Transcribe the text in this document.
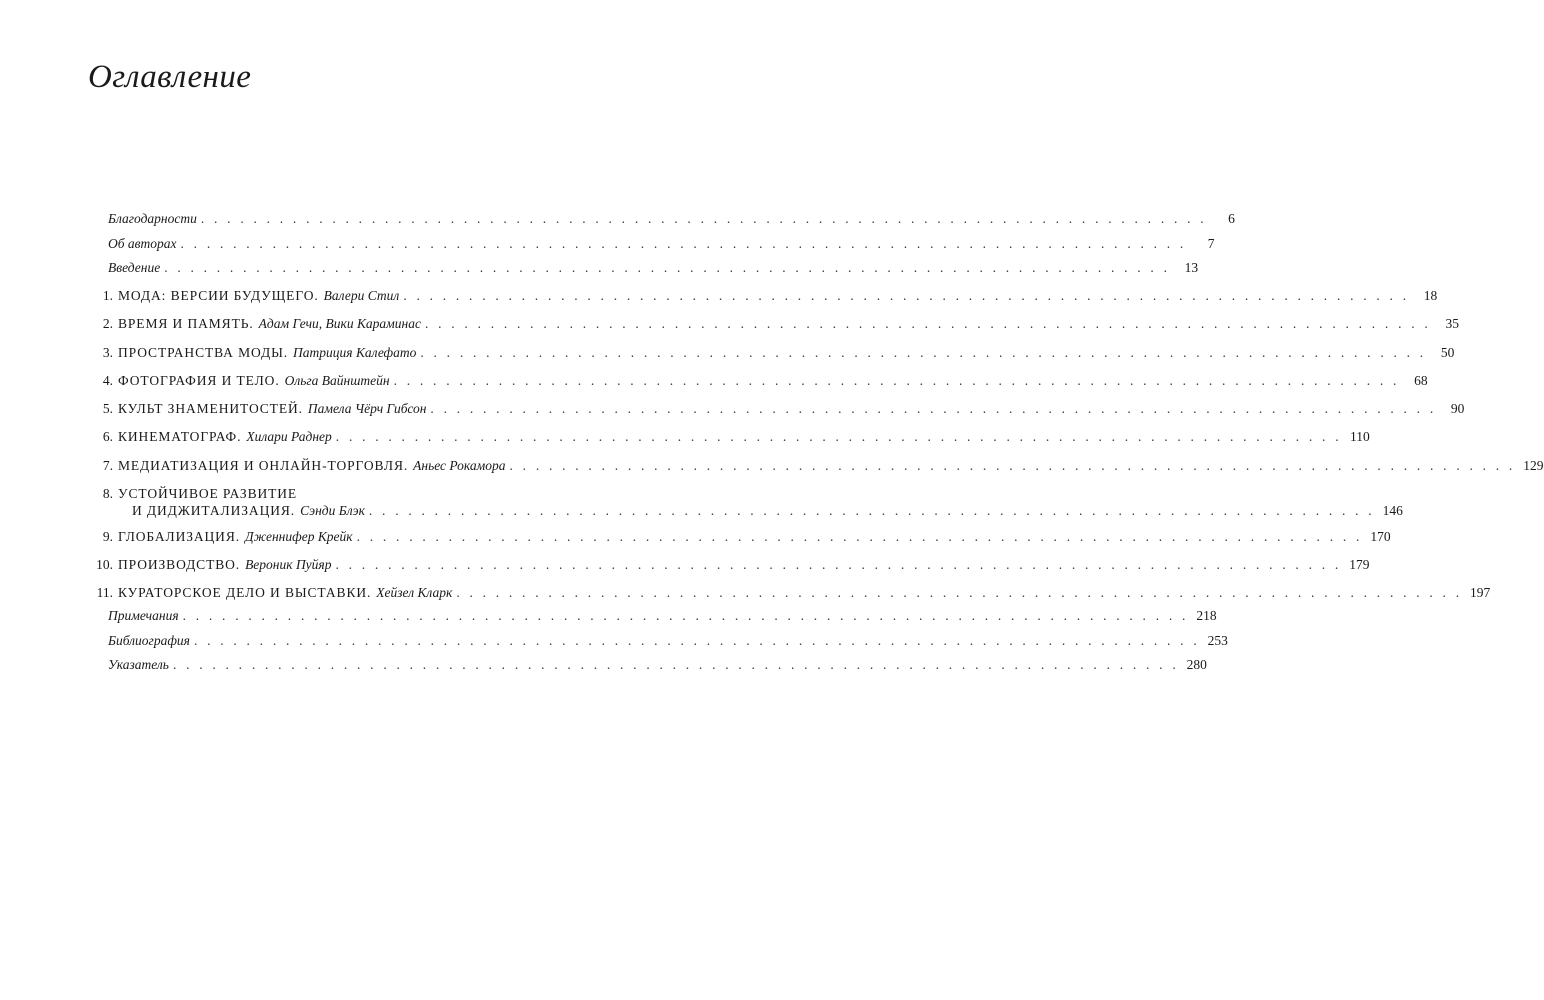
Оглавление
Благодарности . . . . . . . . . . . . . . . . . . . . . . . . . . . . . . . . . . . . . . . . . . . . . . . . . . . . . . . . . . . . . . . . . . . . . . . . . . . . .	6
Об авторах . . . . . . . . . . . . . . . . . . . . . . . . . . . . . . . . . . . . . . . . . . . . . . . . . . . . . . . . . . . . . . . . . . . . . . . . . . . . .	7
Введение . . . . . . . . . . . . . . . . . . . . . . . . . . . . . . . . . . . . . . . . . . . . . . . . . . . . . . . . . . . . . . . . . . . . . . . . . . . . .	13
1. МОДА: ВЕРСИИ БУДУЩЕГО. Валери Стил . . . . . . . . . . . . . . . . . . . . . . . . . . . . . . . . . . . . . . . . . . . . . . . . . . . . . . . . . . . . . . . . . . . . . . . . . . . . .	18
2. ВРЕМЯ И ПАМЯТЬ. Адам Гечи, Вики Караминас . . . . . . . . . . . . . . . . . . . . . . . . . . . . . . . . . . . . . . . . . . . . . . . . . . . . . . . . . . . . . . . . . . . . . . . . . . . . .	35
3. ПРОСТРАНСТВА МОДЫ. Патриция Калефато . . . . . . . . . . . . . . . . . . . . . . . . . . . . . . . . . . . . . . . . . . . . . . . . . . . . . . . . . . . . . . . . . . . . . . . . . . . . .	50
4. ФОТОГРАФИЯ И ТЕЛО. Ольга Вайнштейн . . . . . . . . . . . . . . . . . . . . . . . . . . . . . . . . . . . . . . . . . . . . . . . . . . . . . . . . . . . . . . . . . . . . . . . . . . . . .	68
5. КУЛЬТ ЗНАМЕНИТОСТЕЙ. Памела Чёрч Гибсон . . . . . . . . . . . . . . . . . . . . . . . . . . . . . . . . . . . . . . . . . . . . . . . . . . . . . . . . . . . . . . . . . . . . . . . . . . . . .	90
6. КИНЕМАТОГРАФ. Хилари Раднер . . . . . . . . . . . . . . . . . . . . . . . . . . . . . . . . . . . . . . . . . . . . . . . . . . . . . . . . . . . . . . . . . . . . . . . . . . . . . 110
7. МЕДИАТИЗАЦИЯ И ОНЛАЙН-ТОРГОВЛЯ. Аньес Рокамора . . . . . . . . . . . . . . . . . . . . . . . . . . . . . . . . . . . . . . . . . . . . . . . . . . . . . . . . . . . . . . . . . . . . . . . . . . . . . 129
8. УСТОЙЧИВОЕ РАЗВИТИЕ
И ДИДЖИТАЛИЗАЦИЯ. Сэнди Блэк . . . . . . . . . . . . . . . . . . . . . . . . . . . . . . . . . . . . . . . . . . . . . . . . . . . . . . . . . . . . . . . . . . . . . . . . . . . . . 146
9. ГЛОБАЛИЗАЦИЯ. Дженнифер Крейк . . . . . . . . . . . . . . . . . . . . . . . . . . . . . . . . . . . . . . . . . . . . . . . . . . . . . . . . . . . . . . . . . . . . . . . . . . . . . 170
10. ПРОИЗВОДСТВО. Вероник Пуйяр . . . . . . . . . . . . . . . . . . . . . . . . . . . . . . . . . . . . . . . . . . . . . . . . . . . . . . . . . . . . . . . . . . . . . . . . . . . . . 179
11. КУРАТОРСКОЕ ДЕЛО И ВЫСТАВКИ. Хейзел Кларк . . . . . . . . . . . . . . . . . . . . . . . . . . . . . . . . . . . . . . . . . . . . . . . . . . . . . . . . . . . . . . . . . . . . . . . . . . . . . 197
Примечания . . . . . . . . . . . . . . . . . . . . . . . . . . . . . . . . . . . . . . . . . . . . . . . . . . . . . . . . . . . . . . . . . . . . . . . . . . . . . 218
Библиография . . . . . . . . . . . . . . . . . . . . . . . . . . . . . . . . . . . . . . . . . . . . . . . . . . . . . . . . . . . . . . . . . . . . . . . . . . . . . 253
Указатель . . . . . . . . . . . . . . . . . . . . . . . . . . . . . . . . . . . . . . . . . . . . . . . . . . . . . . . . . . . . . . . . . . . . . . . . . . . . . 280
